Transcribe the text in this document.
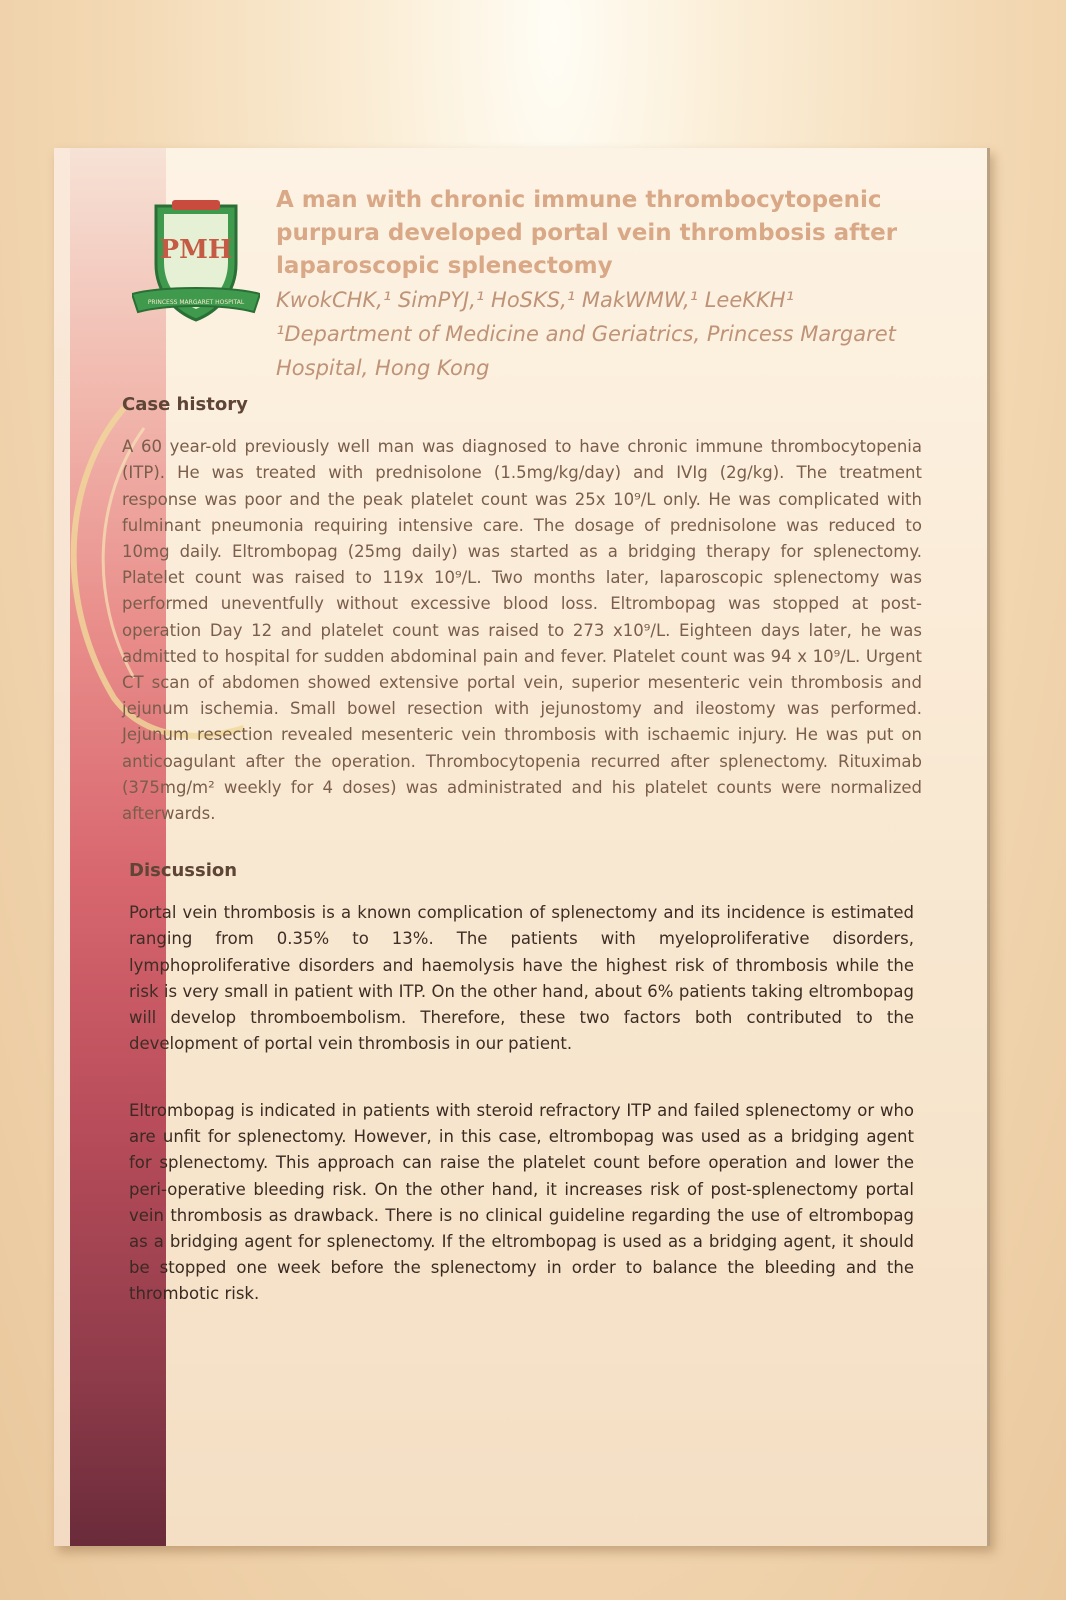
PMH
PRINCESS MARGARET HOSPITAL

A man with chronic immune thrombocytopenic purpura developed portal vein thrombosis after laparoscopic splenectomy

KwokCHK,¹ SimPYJ,¹ HoSKS,¹ MakWMW,¹ LeeKKH¹

¹Department of Medicine and Geriatrics, Princess Margaret Hospital, Hong Kong

Case history

A 60 year-old previously well man was diagnosed to have chronic immune thrombocytopenia (ITP). He was treated with prednisolone (1.5mg/kg/day) and IVIg (2g/kg). The treatment response was poor and the peak platelet count was 25x 10⁹/L only. He was complicated with fulminant pneumonia requiring intensive care. The dosage of prednisolone was reduced to 10mg daily. Eltrombopag (25mg daily) was started as a bridging therapy for splenectomy. Platelet count was raised to 119x 10⁹/L. Two months later, laparoscopic splenectomy was performed uneventfully without excessive blood loss. Eltrombopag was stopped at post-operation Day 12 and platelet count was raised to 273 x10⁹/L. Eighteen days later, he was admitted to hospital for sudden abdominal pain and fever. Platelet count was 94 x 10⁹/L. Urgent CT scan of abdomen showed extensive portal vein, superior mesenteric vein thrombosis and jejunum ischemia. Small bowel resection with jejunostomy and ileostomy was performed. Jejunum resection revealed mesenteric vein thrombosis with ischaemic injury. He was put on anticoagulant after the operation. Thrombocytopenia recurred after splenectomy. Rituximab (375mg/m² weekly for 4 doses) was administrated and his platelet counts were normalized afterwards.

Discussion

Portal vein thrombosis is a known complication of splenectomy and its incidence is estimated ranging from 0.35% to 13%. The patients with myeloproliferative disorders, lymphoproliferative disorders and haemolysis have the highest risk of thrombosis while the risk is very small in patient with ITP. On the other hand, about 6% patients taking eltrombopag will develop thromboembolism. Therefore, these two factors both contributed to the development of portal vein thrombosis in our patient.

Eltrombopag is indicated in patients with steroid refractory ITP and failed splenectomy or who are unfit for splenectomy. However, in this case, eltrombopag was used as a bridging agent for splenectomy. This approach can raise the platelet count before operation and lower the peri-operative bleeding risk. On the other hand, it increases risk of post-splenectomy portal vein thrombosis as drawback. There is no clinical guideline regarding the use of eltrombopag as a bridging agent for splenectomy. If the eltrombopag is used as a bridging agent, it should be stopped one week before the splenectomy in order to balance the bleeding and the thrombotic risk.
